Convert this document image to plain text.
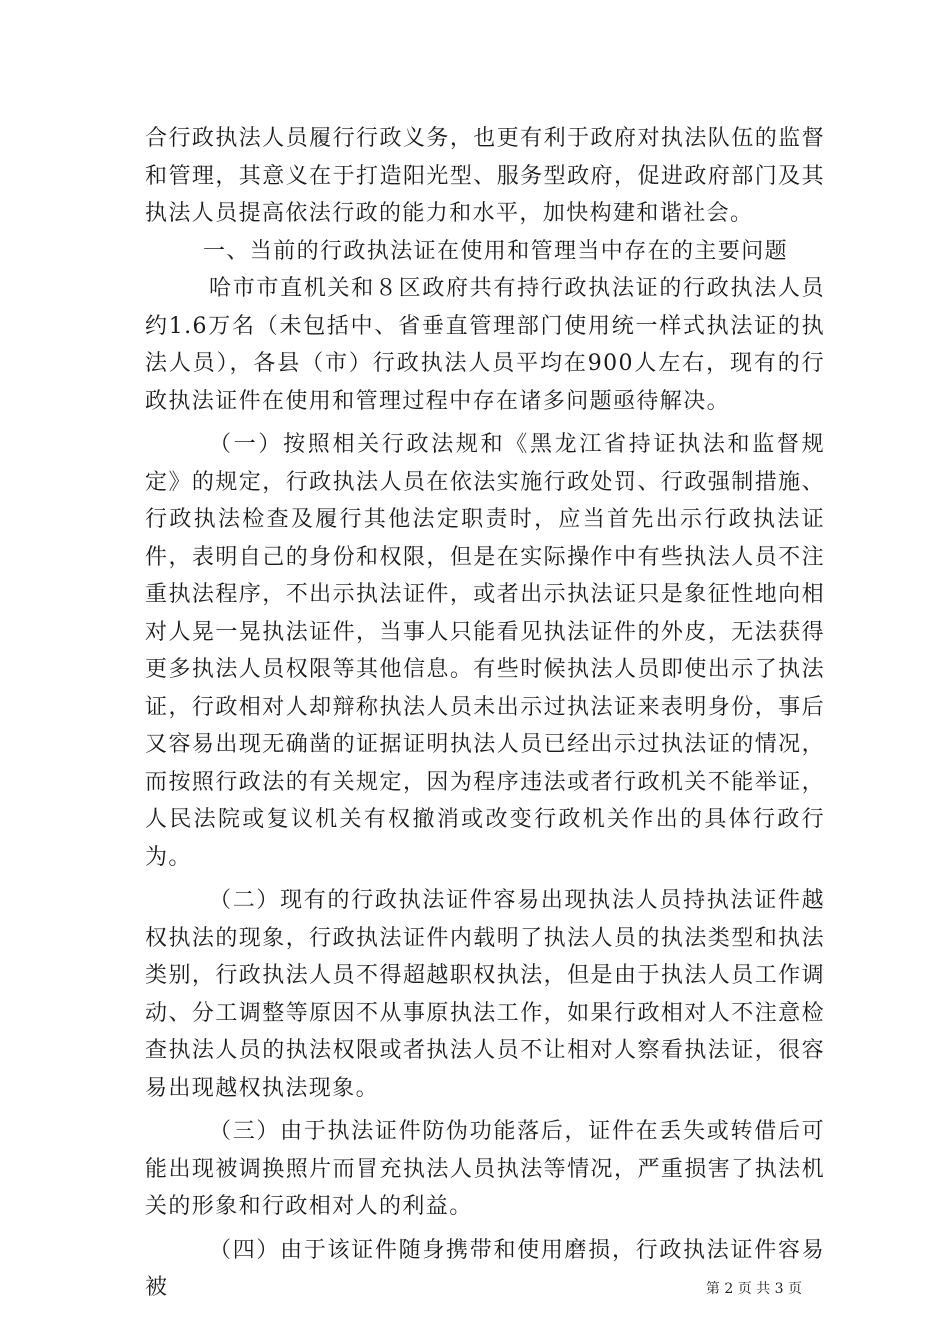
合行政执法人员履行行政义务，也更有利于政府对执法队伍的监督和管理，其意义在于打造阳光型、服务型政府，促进政府部门及其执法人员提高依法行政的能力和水平，加快构建和谐社会。

一、当前的行政执法证在使用和管理当中存在的主要问题

哈市市直机关和８区政府共有持行政执法证的行政执法人员约1.6万名（未包括中、省垂直管理部门使用统一样式执法证的执法人员），各县（市）行政执法人员平均在900人左右，现有的行政执法证件在使用和管理过程中存在诸多问题亟待解决。

（一）按照相关行政法规和《黑龙江省持证执法和监督规定》的规定，行政执法人员在依法实施行政处罚、行政强制措施、行政执法检查及履行其他法定职责时，应当首先出示行政执法证件，表明自己的身份和权限，但是在实际操作中有些执法人员不注重执法程序，不出示执法证件，或者出示执法证只是象征性地向相对人晃一晃执法证件，当事人只能看见执法证件的外皮，无法获得更多执法人员权限等其他信息。有些时候执法人员即使出示了执法证，行政相对人却辩称执法人员未出示过执法证来表明身份，事后又容易出现无确凿的证据证明执法人员已经出示过执法证的情况，而按照行政法的有关规定，因为程序违法或者行政机关不能举证，人民法院或复议机关有权撤消或改变行政机关作出的具体行政行为。

（二）现有的行政执法证件容易出现执法人员持执法证件越权执法的现象，行政执法证件内载明了执法人员的执法类型和执法类别，行政执法人员不得超越职权执法，但是由于执法人员工作调动、分工调整等原因不从事原执法工作，如果行政相对人不注意检查执法人员的执法权限或者执法人员不让相对人察看执法证，很容易出现越权执法现象。

（三）由于执法证件防伪功能落后，证件在丢失或转借后可能出现被调换照片而冒充执法人员执法等情况，严重损害了执法机关的形象和行政相对人的利益。

（四）由于该证件随身携带和使用磨损，行政执法证件容易被	第 2 页 共 3 页
